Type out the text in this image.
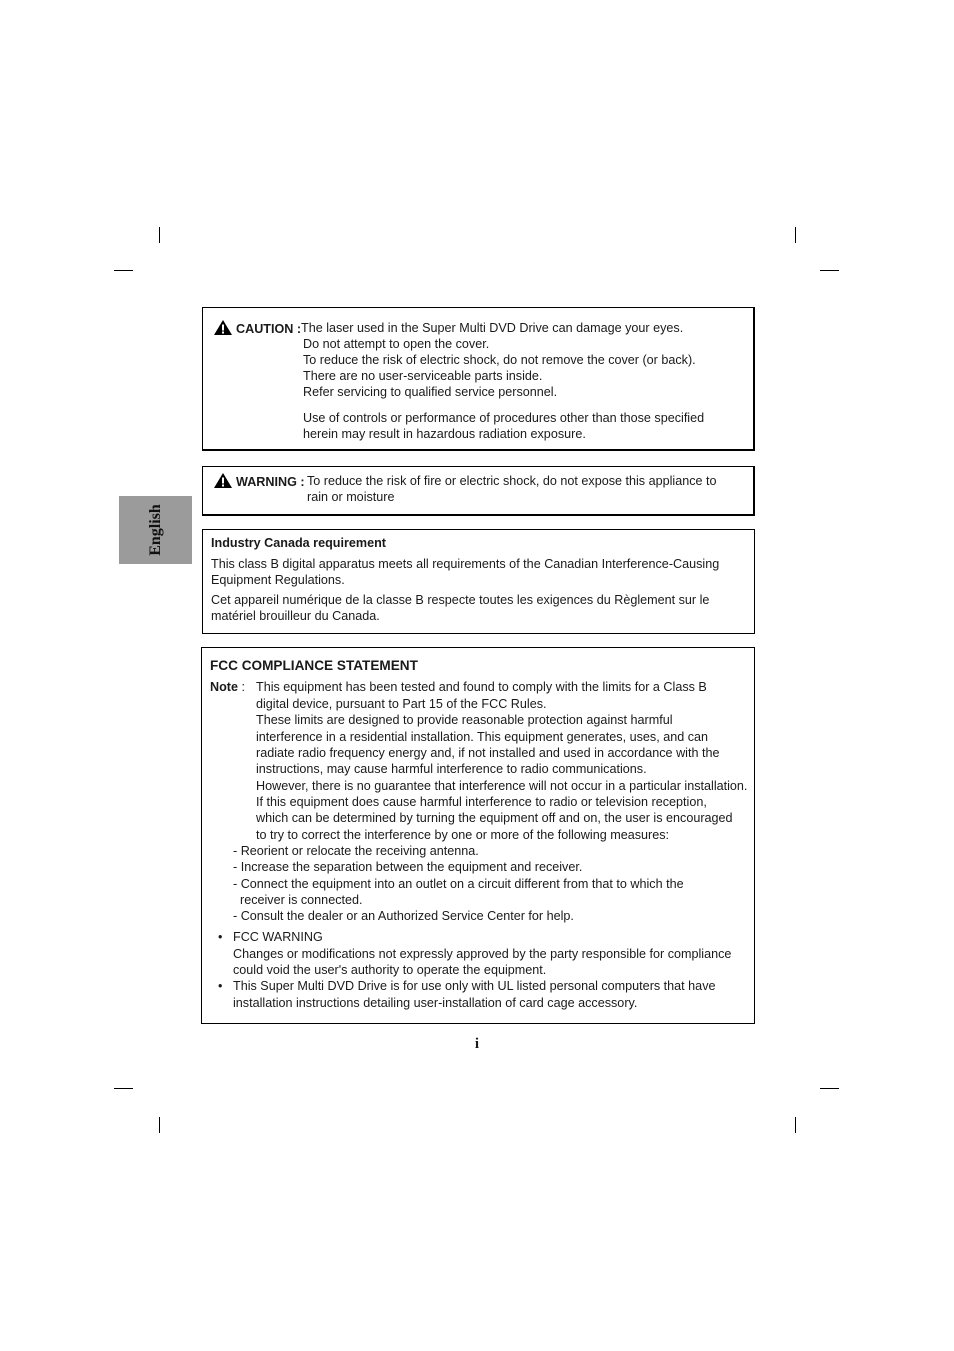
English
CAUTION : The laser used in the Super Multi DVD Drive can damage your eyes.
Do not attempt to open the cover.
To reduce the risk of electric shock, do not remove the cover (or back).
There are no user-serviceable parts inside.
Refer servicing to qualified service personnel.
Use of controls or performance of procedures other than those specified
herein may result in hazardous radiation exposure.
WARNING : To reduce the risk of fire or electric shock, do not expose this appliance to
rain or moisture
Industry Canada requirement
This class B digital apparatus meets all requirements of the Canadian Interference-Causing
Equipment Regulations.
Cet appareil numérique de la classe B respecte toutes les exigences du Règlement sur le
matériel brouilleur du Canada.
FCC COMPLIANCE STATEMENT
Note : This equipment has been tested and found to comply with the limits for a Class B
digital device, pursuant to Part 15 of the FCC Rules.
These limits are designed to provide reasonable protection against harmful
interference in a residential installation. This equipment generates, uses, and can
radiate radio frequency energy and, if not installed and used in accordance with the
instructions, may cause harmful interference to radio communications.
However, there is no guarantee that interference will not occur in a particular installation.
If this equipment does cause harmful interference to radio or television reception,
which can be determined by turning the equipment off and on, the user is encouraged
to try to correct the interference by one or more of the following measures:
- Reorient or relocate the receiving antenna.
- Increase the separation between the equipment and receiver.
- Connect the equipment into an outlet on a circuit different from that to which the
receiver is connected.
- Consult the dealer or an Authorized Service Center for help.
• FCC WARNING
Changes or modifications not expressly approved by the party responsible for compliance
could void the user's authority to operate the equipment.
• This Super Multi DVD Drive is for use only with UL listed personal computers that have
installation instructions detailing user-installation of card cage accessory.
i
